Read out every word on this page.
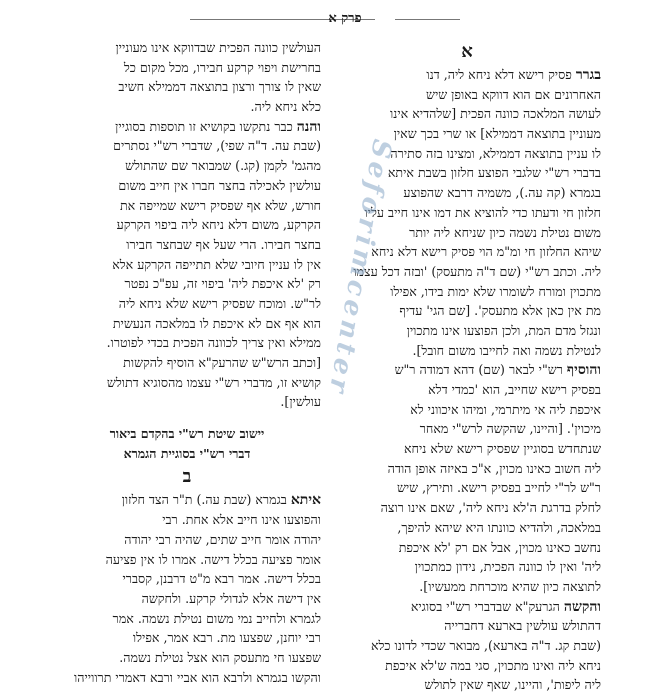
פרק א
א
בגרר פסיק רישא דלא ניחא ליה, דנו
האחרונים אם הוא דווקא באופן שיש
לעושה המלאכה כוונה הפכית [שלהדיא אינו
מעוניין בתוצאה דממילא] או שרי בכך שאין
לו עניין בתוצאה דממילא, ומצינו בזה סתירה
בדברי רש"י שלגבי הפוצע חלזון בשבת איתא
בגמרא (קה עה.), משמיה דרבא שהפוצע
חלזון חי ודעתו כדי להוציא את דמו אינו חייב עליו
משום נטילת נשמה כיון שניחא ליה יותר
שיהא החלזון חי ומ"מ הוי פסיק רישא דלא ניחא
ליה. וכתב רש"י (שם ד"ה מתעסק) 'ובזה דכל עצמו
מתכוין ומורח לשומרו שלא ימות בידו, אפילו
מת אין כאן אלא מתעסק'. [שם הגי' עדיף
ונגזל מדם המת, ולכן הפוצעו אינו מתכוין
לנטילת נשמה ואה לחייבו משום חובל].
והוסיף רש"י לבאר (שם) דהא דמודה ר"ש
בפסיק רישא שחייב, הוא 'כמדי דלא
איכפת ליה אי מיתרמי, ומיהו איכווני לא
מיכוין'. [והיינו, שהקשה לרש"י מאחר
שנתחדש בסוגיין שפסיק רישא שלא ניחא
ליה חשוב כאינו מכוין, א"כ באיזה אופן הודה
ר"ש לר"י לחייב בפסיק רישא. ותירץ, שיש
לחלק בדרגת ה'לא ניחא ליה', שאם אינו רוצה
במלאכה, ולהדיא כוונתו היא שיהא להיפך,
נחשב כאינו מכוין, אבל אם רק 'לא איכפת
ליה' ואין לו כוונה הפכית, נידון כמתכוין
לתוצאה כיון שהיא מוכרחת ממעשיו].
והקשה הגרעק"א שבדברי רש"י בסוגיא
דהתולש עולשין בארעא דחברייה
(שבת קג. ד"ה בארעא), מבואר שכדי לדונו כלא
ניחא ליה ואינו מתכוין, סגי במה ש'לא איכפת
ליה ליפות', והיינו, שאף שאין לתולש
העולשין כוונה הפכית שבדווקא אינו מעוניין
בחרישת ויפוי קרקע חבירו, מכל מקום כל
שאין לו צורך ורצון בתוצאה דממילא חשיב
כלא ניחא ליה.
והנה כבר נתקשו בקושיא זו תוספות בסוגיין
(שבת עה. ד"ה שפי), שדברי רש"י נסתרים
מהגמ' לקמן (קג.) שמבואר שם שהתולש
עולשין לאכילה בחצר חברו אין חייב משום
חורש, שלא אף שפסיק רישא שמייפה את
הקרקע, משום דלא ניחא ליה ביפוי הקרקע
בחצר חבירו. הרי שעל אף שבחצר חבירו
אין לו עניין חיובי שלא תתייפה הקרקע אלא
רק 'לא איכפת ליה' ביפוי זה, עפ"כ נפטר
לר"ש. ומוכח שפסיק רישא שלא ניחא ליה
הוא אף אם לא איכפת לו במלאכה הנעשית
ממילא ואין צריך לכוונה הפכית בכדי לפוטרו.
[וכתב הרש"ש שהרעק"א הוסיף להקשות
קושיא זו, מדברי רש"י עצמו מהסוגיא דתולש
עולשין].
יישוב שיטת רש"י בהקדם ביאור
דברי רש"י בסוגיית הגמרא
ב
איתא בגמרא (שבת עה.) ת"ר הצד חלזון
והפוצעו אינו חייב אלא אחת. רבי
יהודה אומר חייב שתים, שהיה רבי יהודה
אומר פציעה בכלל דישה. אמרו לו אין פציעה
בכלל דישה. אמר רבא מ"ט דרבנן, קסברי
אין דישה אלא לגדולי קרקע. ולחקשה
לגמרא ולחייב נמי משום נטילת נשמה. אמר
רבי יוחנן, שפצעו מת. רבא אמר, אפילו
שפצעו חי מתעסק הוא אצל נטילת נשמה.
והקשו בגמרא ולרבא הוא אביי ורבא דאמרי תרווייהו
Seforimcenter
